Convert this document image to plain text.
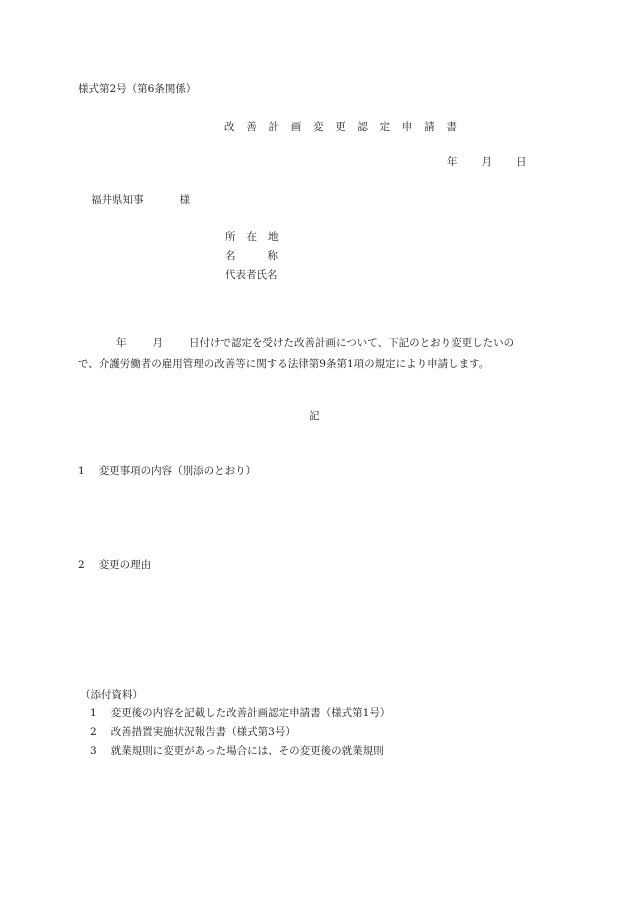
様式第2号（第6条関係）
改 善 計 画 変 更 認 定 申 請 書
年 月 日
福井県知事	様
所在地
名称
代表者氏名
年 月 日付けで認定を受けた改善計画について、下記のとおり変更したいの
で、介護労働者の雇用管理の改善等に関する法律第9条第1項の規定により申請します。
記
1 変更事項の内容（別添のとおり）
2 変更の理由
（添付資料）
1 変更後の内容を記載した改善計画認定申請書（様式第1号）
2 改善措置実施状況報告書（様式第3号）
3 就業規則に変更があった場合には、その変更後の就業規則
